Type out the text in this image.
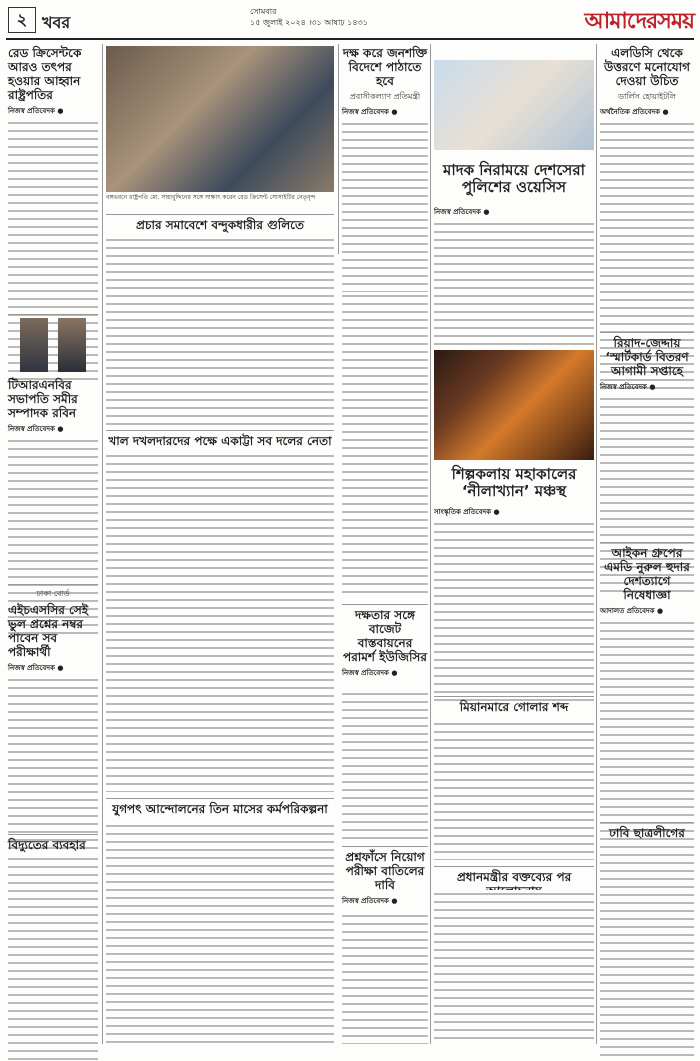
২ খবর
সোমবার
১৫ জুলাই ২০২৪ ।৩১ আষাঢ় ১৪৩১	আমাদেরসময়
রেড ক্রিসেন্টকে আরও তৎপর হওয়ার আহ্বান রাষ্ট্রপতির
নিজস্ব প্রতিবেদক ●
টিআরএনবির সভাপতি সমীর সম্পাদক রবিন
নিজস্ব প্রতিবেদক ●
ঢাকা বোর্ড
এইচএসসির সেই ভুল প্রশ্নের নম্বর পাবেন সব পরীক্ষার্থী
নিজস্ব প্রতিবেদক ●
বিদ্যুতের ব্যবহার
বঙ্গভবনে রাষ্ট্রপতি মো. সাহাবুদ্দিনের সঙ্গে সাক্ষাৎ করেন রেড ক্রিসেন্ট সোসাইটির নেতৃবৃন্দ
দক্ষ করে জনশক্তি বিদেশে পাঠাতে হবে
প্রবাসীকল্যাণ প্রতিমন্ত্রী
নিজস্ব প্রতিবেদক ●
প্রচার সমাবেশে বন্দুকধারীর গুলিতে
খাল দখলদারদের পক্ষে একাট্টা সব দলের নেতা
যুগপৎ আন্দোলনের তিন মাসের কর্মপরিকল্পনা
দক্ষতার সঙ্গে বাজেট বাস্তবায়নের পরামর্শ ইউজিসির
নিজস্ব প্রতিবেদক ●
প্রশ্নফাঁসে নিয়োগ পরীক্ষা বাতিলের দাবি
নিজস্ব প্রতিবেদক ●

মাদক নিরাময়ে দেশসেরা পুলিশের ওয়েসিস
নিজস্ব প্রতিবেদক ●
শিল্পকলায় মহাকালের ‘নীলাখ্যান’ মঞ্চস্থ
সাংস্কৃতিক প্রতিবেদক ●
মিয়ানমারে গোলার শব্দ
প্রধানমন্ত্রীর বক্তব্যের পর
এলডিসি থেকে উত্তরণে মনোযোগ দেওয়া উচিত
ডাৰ্লিস হোয়াইটলি
অর্থনৈতিক প্রতিবেদক ●
রিয়াদ-জেদ্দায় ‘স্মার্টকার্ড বিতরণ আগামী সপ্তাহে
নিজস্ব প্রতিবেদক ●
আইকন গ্রুপের এমডি নুরুল হুদার দেশত্যাগে নিষেধাজ্ঞা
আদালত প্রতিবেদক ●
ঢাবি ছাত্রলীগের
